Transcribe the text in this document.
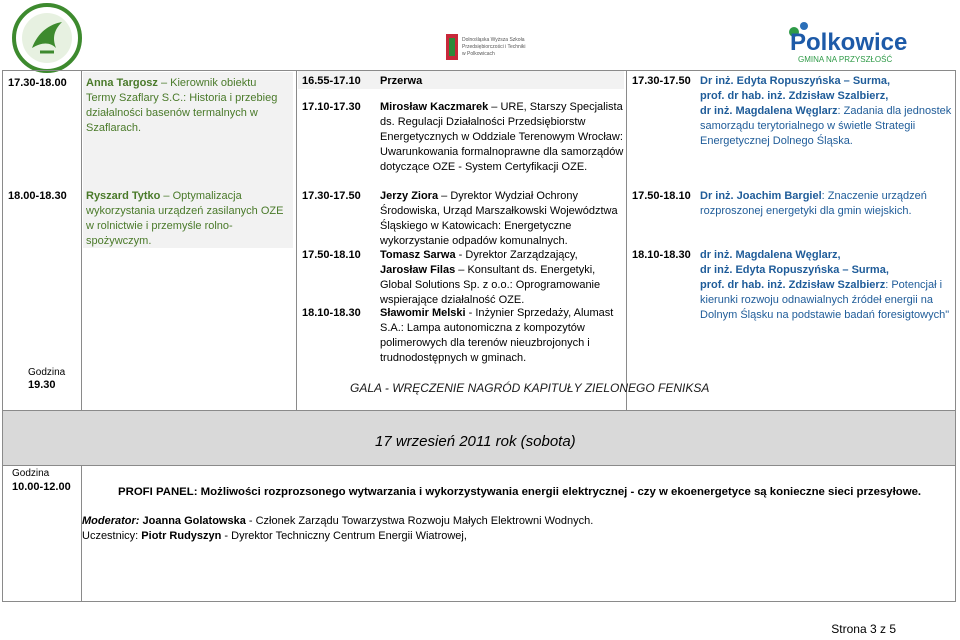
Dolnośląska Wyższa Szkoła
Przedsiębiorczości i Techniki
w Polkowicach	Polkowice
GMINA NA PRZYSZŁOŚĆ
17.30-18.00 Anna Targosz – Kierownik obiektu Termy Szaflary S.C.: Historia i przebieg działalności basenów termalnych w Szaflarach.
18.00-18.30 Ryszard Tytko – Optymalizacja wykorzystania urządzeń zasilanych OZE w rolnictwie i przemyśle rolno-spożywczym.
Godzina
19.30
16.55-17.10 Przerwa
17.10-17.30 Mirosław Kaczmarek – URE, Starszy Specjalista ds. Regulacji Działalności Przedsiębiorstw Energetycznych w Oddziale Terenowym Wrocław: Uwarunkowania formalnoprawne dla samorządów dotyczące OZE - System Certyfikacji OZE.
17.30-17.50 Jerzy Ziora – Dyrektor Wydział Ochrony Środowiska, Urząd Marszałkowski Województwa Śląskiego w Katowicach: Energetyczne wykorzystanie odpadów komunalnych.
17.50-18.10 Tomasz Sarwa - Dyrektor Zarządzający, Jarosław Filas – Konsultant ds. Energetyki, Global Solutions Sp. z o.o.: Oprogramowanie wspierające działalność OZE.
18.10-18.30 Sławomir Melski - Inżynier Sprzedaży, Alumast S.A.: Lampa autonomiczna z kompozytów polimerowych dla terenów nieuzbrojonych i trudnodostępnych w gminach.
GALA - WRĘCZENIE NAGRÓD KAPITUŁY ZIELONEGO FENIKSA
17.30-17.50 Dr inż. Edyta Ropuszyńska – Surma,
prof. dr hab. inż. Zdzisław Szalbierz,
dr inż. Magdalena Węglarz: Zadania dla jednostek samorządu terytorialnego w świetle Strategii Energetycznej Dolnego Śląska.
17.50-18.10 Dr inż. Joachim Bargiel: Znaczenie urządzeń rozproszonej energetyki dla gmin wiejskich.
18.10-18.30 dr inż. Magdalena Węglarz,
dr inż. Edyta Ropuszyńska – Surma,
prof. dr hab. inż. Zdzisław Szalbierz: Potencjał i kierunki rozwoju odnawialnych źródeł energii na Dolnym Śląsku na podstawie badań foresigtowych"
17 wrzesień 2011 rok (sobota)
Godzina
10.00-12.00	PROFI PANEL: Możliwości rozprozsonego wytwarzania i wykorzystywania energii elektrycznej - czy w ekoenergetyce są konieczne sieci przesyłowe.
Moderator: Joanna Golatowska - Członek Zarządu Towarzystwa Rozwoju Małych Elektrowni Wodnych.
Uczestnicy: Piotr Rudyszyn - Dyrektor Techniczny Centrum Energii Wiatrowej,
Strona 3 z 5
